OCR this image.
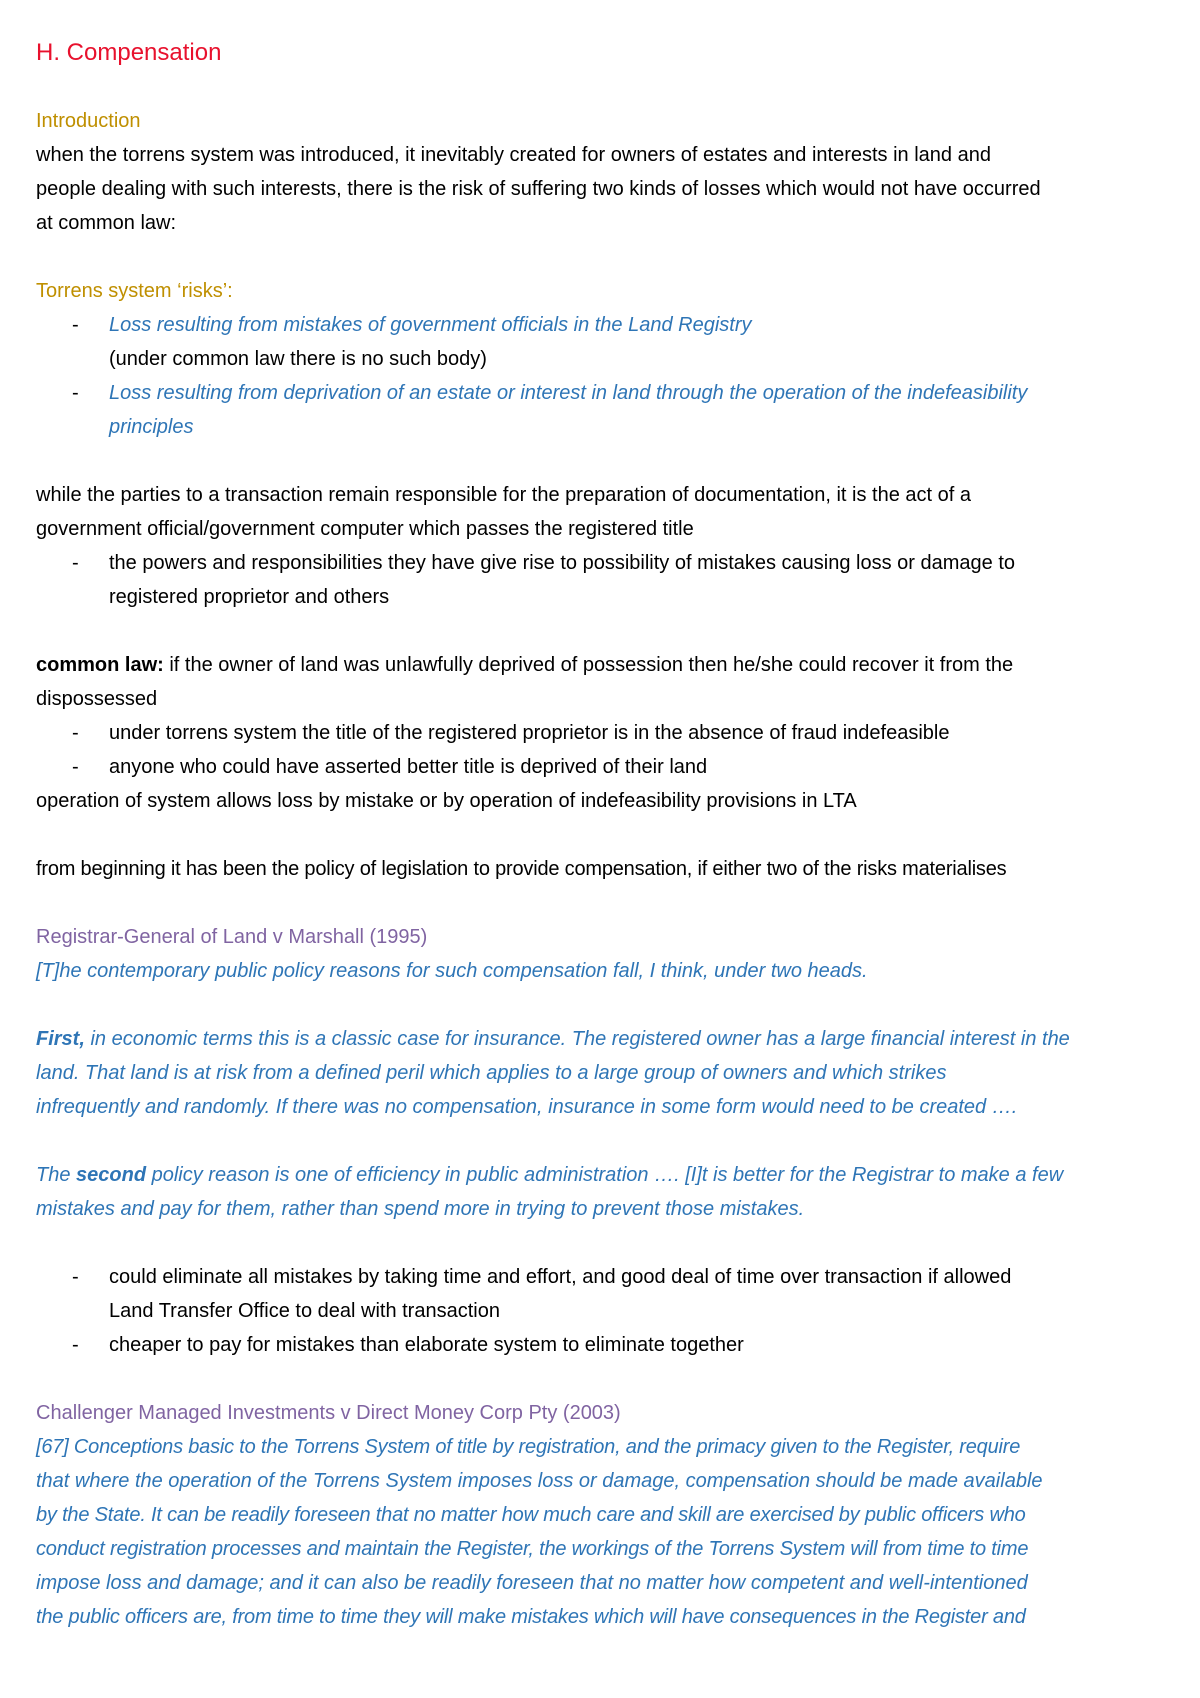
H. Compensation

Introduction

when the torrens system was introduced, it inevitably created for owners of estates and interests in land and

people dealing with such interests, there is the risk of suffering two kinds of losses which would not have occurred

at common law:

Torrens system ‘risks’:

- Loss resulting from mistakes of government officials in the Land Registry

(under common law there is no such body)

- Loss resulting from deprivation of an estate or interest in land through the operation of the indefeasibility

principles

while the parties to a transaction remain responsible for the preparation of documentation, it is the act of a

government official/government computer which passes the registered title

- the powers and responsibilities they have give rise to possibility of mistakes causing loss or damage to

registered proprietor and others

common law: if the owner of land was unlawfully deprived of possession then he/she could recover it from the

dispossessed

- under torrens system the title of the registered proprietor is in the absence of fraud indefeasible
- anyone who could have asserted better title is deprived of their land

operation of system allows loss by mistake or by operation of indefeasibility provisions in LTA

from beginning it has been the policy of legislation to provide compensation, if either two of the risks materialises

Registrar-General of Land v Marshall (1995)

[T]he contemporary public policy reasons for such compensation fall, I think, under two heads.

First, in economic terms this is a classic case for insurance. The registered owner has a large financial interest in the

land. That land is at risk from a defined peril which applies to a large group of owners and which strikes

infrequently and randomly. If there was no compensation, insurance in some form would need to be created ….

The second policy reason is one of efficiency in public administration …. [I]t is better for the Registrar to make a few

mistakes and pay for them, rather than spend more in trying to prevent those mistakes.

- could eliminate all mistakes by taking time and effort, and good deal of time over transaction if allowed

Land Transfer Office to deal with transaction

- cheaper to pay for mistakes than elaborate system to eliminate together

Challenger Managed Investments v Direct Money Corp Pty (2003)

[67] Conceptions basic to the Torrens System of title by registration, and the primacy given to the Register, require

that where the operation of the Torrens System imposes loss or damage, compensation should be made available

by the State. It can be readily foreseen that no matter how much care and skill are exercised by public officers who

conduct registration processes and maintain the Register, the workings of the Torrens System will from time to time

impose loss and damage; and it can also be readily foreseen that no matter how competent and well-intentioned

the public officers are, from time to time they will make mistakes which will have consequences in the Register and
